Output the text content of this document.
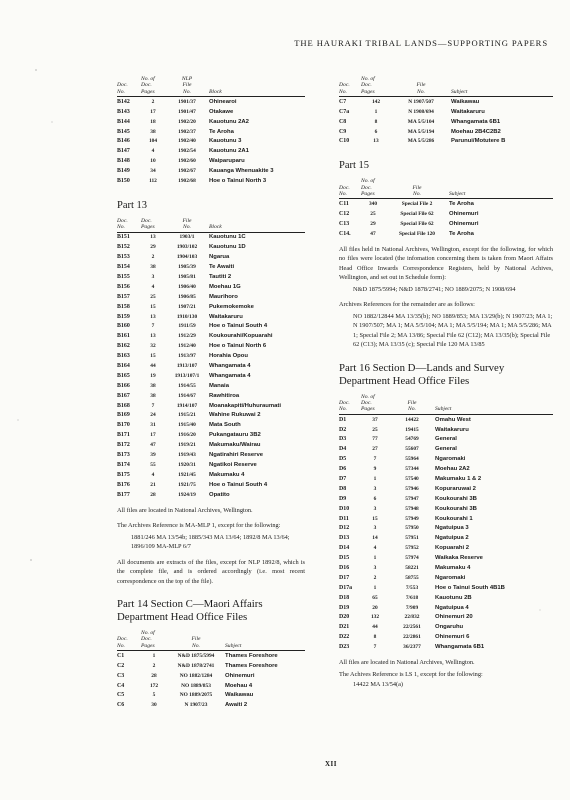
THE HAURAKI TRIBAL LANDS—SUPPORTING PAPERS
Doc.
No.	No. of
Doc.
Pages	NLP
File
No.	Block
B142	2	1901/37	Ohinearoi
B143	17	1901/47	Otakawe
B144	18	1902/20	Kauotunu 2A2
B145	38	1902/37	Te Aroha
B146	104	1902/40	Kauotunu 3
B147	4	1902/54	Kauotunu 2A1
B148	10	1902/60	Waiparuparu
B149	34	1902/67	Kauanga Whenuakite 3
B150	112	1902/68	Hoe o Tainui North 3
Part 13
Doc.
No.	Doc.
Pages	File
No.	Block
B151	13	1903/1	Kauotunu 1C
B152	29	1903/102	Kauotunu 1D
B153	2	1904/103	Ngarua
B154	38	1905/39	Te Awaiti
B155	3	1905/81	Tautiti 2
B156	4	1906/40	Moehau 1G
B157	25	1906/85	Maurihoro
B158	15	1907/21	Pukemokemoke
B159	13	1910/130	Waitakaruru
B160	7	1911/59	Hoe o Tainui South 4
B161	13	1912/29	Koukourahi/Kopuarahi
B162	32	1912/40	Hoe o Tainui North 6
B163	15	1913/97	Horahia Opou
B164	44	1913/107	Whangamata 4
B165	19	1913/107/1	Whangamata 4
B166	38	1914/55	Manaia
B167	38	1914/67	Rawhitiroa
B168	7	1914/107	Moanakapiti/Huhuraumati
B169	24	1915/21	Wahine Rukuwai 2
B170	31	1915/40	Mata South
B171	17	1916/20	Pukangatauru 3B2
B172	47	1919/21	Makumaku/Wairau
B173	39	1919/43	Ngatirahiri Reserve
B174	55	1920/31	Ngatikoi Reserve
B175	4	1921/45	Makumaku 4
B176	21	1921/75	Hoe o Tainui South 4
B177	28	1924/19	Opatito

All files are located in National Archives, Wellington.

The Archives Reference is MA-MLP 1, except for the following:

1881/246 MA 13/54b; 1885/343 MA 13/64; 1892/8 MA 13/64; 1896/109 MA-MLP 6/7

All documents are extracts of the files, except for NLP 1892/8, which is the complete file, and is ordered accordingly (i.e. most recent correspondence on the top of the file).

Part 14 Section C—Maori Affairs Department Head Office Files
Doc.
No.	No. of
Doc.
Pages	File
No.	Subject
C1	1	N&D 1875/5994	Thames Foreshore
C2	2	N&D 1878/2741	Thames Foreshore
C3	28	NO 1882/1284	Ohinemuri
C4	172	NO 1889/853	Moehau 4
C5	5	NO 1889/2075	Waikawau
C6	30	N 1907/23	Awaiti 2
Doc.
No.	No. of
Doc.
Pages	File
No.	Subject
C7	142	N 1907/507	Waikawau
C7a	1	N 1908/694	Waitakaruru
C8	8	MA 5/5/104	Whangamata 6B1
C9	6	MA 5/5/194	Moehau 2B4C2B2
C10	13	MA 5/5/286	Parunui/Motutere B
Part 15
Doc.
No.	No. of
Doc.
Pages	File
No.	Subject
C11	340	Special File 2	Te Aroha
C12	25	Special File 62	Ohinemuri
C13	29	Special File 62	Ohinemuri
C14.	47	Special File 120	Te Aroha

All files held in National Archives, Wellington, except for the following, for which no files were located (the infomation concerning them is taken from Maori Affairs Head Office Inwards Correspondence Registers, held by National Achives, Wellington, and set out in Schedule form):

N&D 1875/5994; N&D 1878/2741; NO 1889/2075; N 1908/694

Archives References for the remainder are as follows:

NO 1882/12844 MA 13/35(b); NO 1889/853; MA 13/29(b); N 1907/23; MA 1; N 1907/507; MA 1; MA 5/5/104; MA 1; MA 5/5/194; MA 1; MA 5/5/286; MA 1; Special File 2; MA 13/86; Special File 62 (C12); MA 13/35(b); Special File 62 (C13); MA 13/35 (c); Special File 120 MA 13/85

Part 16 Section D—Lands and Survey Department Head Office Files
Doc.
No.	No. of
Doc.
Pages	File
No.	Subject
D1	37	14422	Omahu West
D2	25	19415	Waitakaruru
D3	77	54769	General
D4	27	55607	General
D5	7	55964	Ngaromaki
D6	9	57344	Moehau 2A2
D7	1	57540	Makumaku 1 & 2
D8	3	57946	Kopuraruwai 2
D9	6	57947	Koukourahi 3B
D10	3	57948	Koukourahi 3B
D11	15	57949	Koukourahi 1
D12	3	57950	Ngatuipua 3
D13	14	57951	Ngatuipua 2
D14	4	57952	Kopuarahi 2
D15	1	57974	Waikaka Reserve
D16	3	58221	Makumaku 4
D17	2	58755	Ngaromaki
D17a	1	7/553	Hoe o Tainui South 4B1B
D18	65	7/618	Kauotunu 2B
D19	20	7/909	Ngatuipua 4
D20	132	22/832	Ohinemuri 20
D21	44	22/2561	Ongaruhu
D22	8	22/2861	Ohinemuri 6
D23	7	36/2377	Whangamata 6B1

All files are located in National Archives, Wellington.

The Achives Reference is LS 1, except for the following:

14422 MA 13/54(a)

XII
